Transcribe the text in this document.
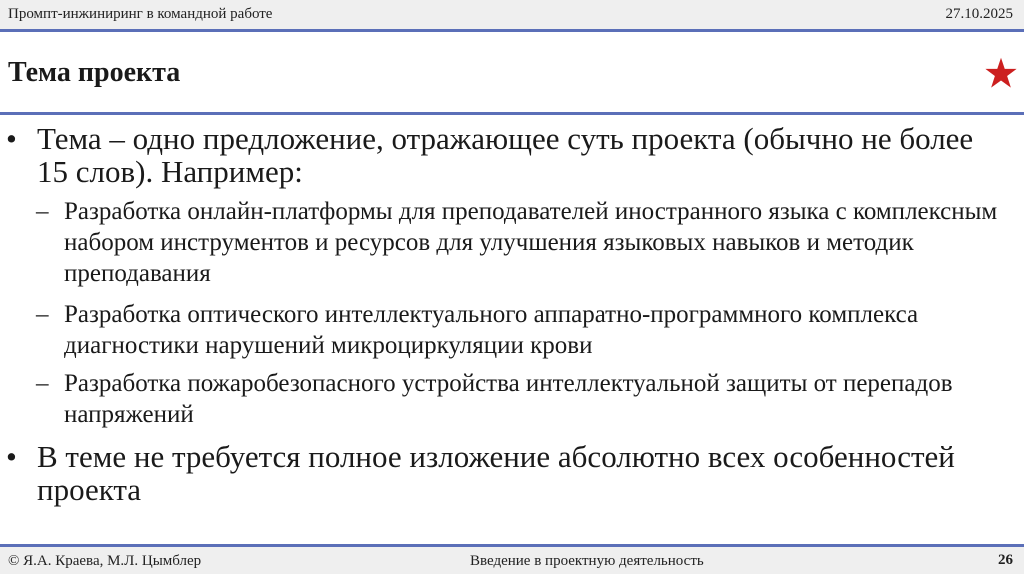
Промпт-инжиниринг в командной работе	27.10.2025
Тема проекта
• Тема – одно предложение, отражающее суть проекта (обычно не более 15 слов). Например:
– Разработка онлайн-платформы для преподавателей иностранного языка с комплексным набором инструментов и ресурсов для улучшения языковых навыков и методик преподавания
– Разработка оптического интеллектуального аппаратно-программного комплекса диагностики нарушений микроциркуляции крови
– Разработка пожаробезопасного устройства интеллектуальной защиты от перепадов напряжений
• В теме не требуется полное изложение абсолютно всех особенностей проекта
© Я.А. Краева, М.Л. Цымблер	Введение в проектную деятельность	26
